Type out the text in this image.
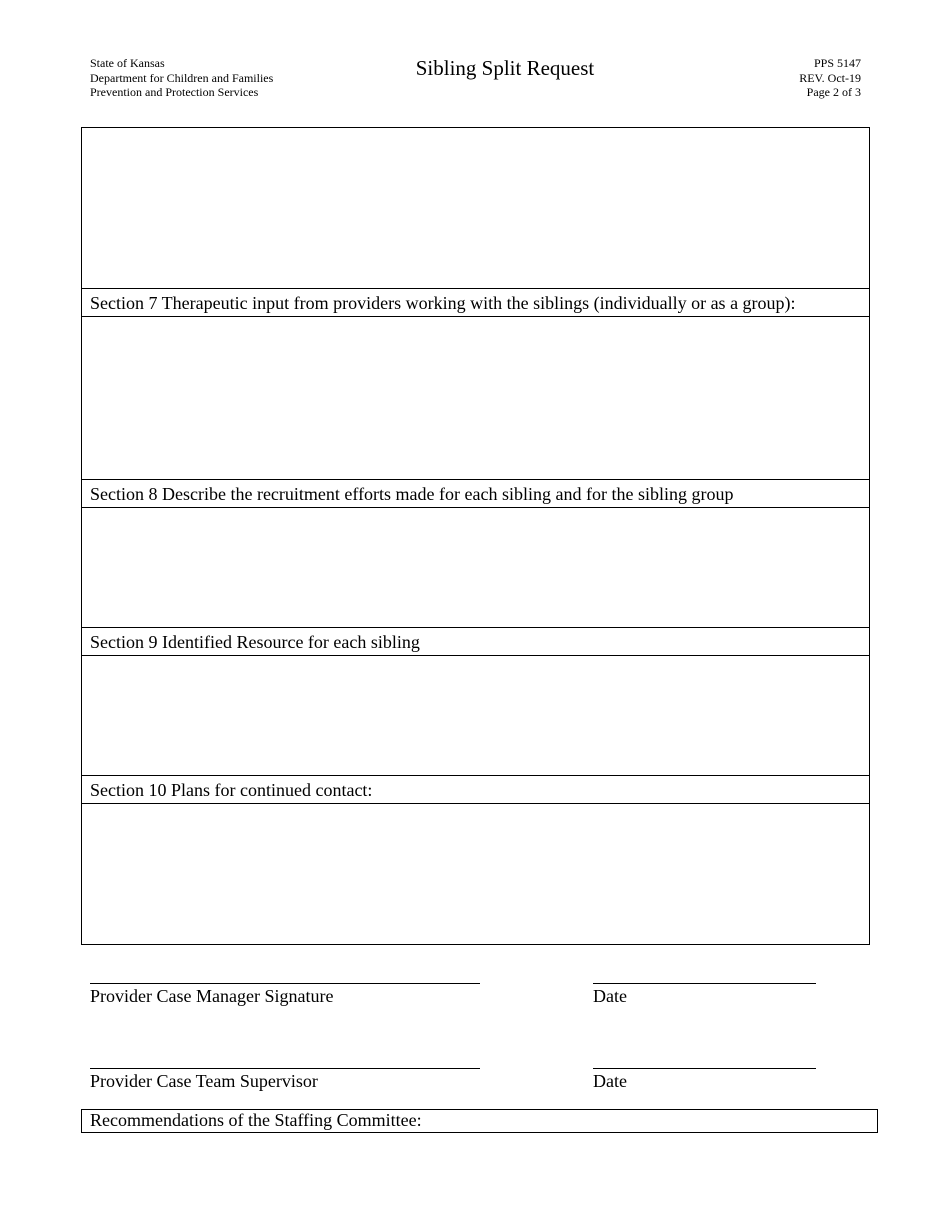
State of Kansas
Department for Children and Families
Prevention and Protection Services
Sibling Split Request	PPS 5147
REV. Oct-19
Page 2 of 3
Section 7 Therapeutic input from providers working with the siblings (individually or as a group):
Section 8 Describe the recruitment efforts made for each sibling and for the sibling group
Section 9 Identified Resource for each sibling
Section 10 Plans for continued contact:
Provider Case Manager Signature	Date
Provider Case Team Supervisor	Date
Recommendations of the Staffing Committee:
